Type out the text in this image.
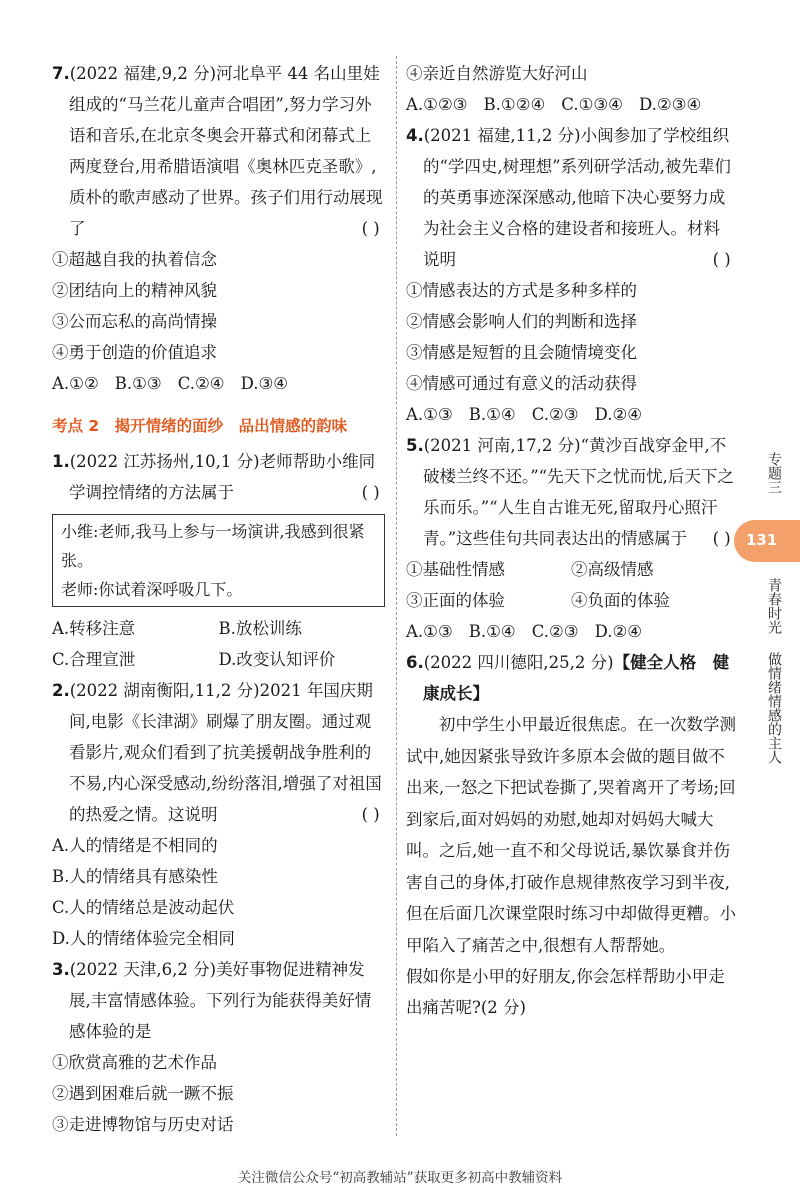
7.(2022 福建,9,2 分)河北阜平 44 名山里娃组成的“马兰花儿童声合唱团”,努力学习外语和音乐,在北京冬奥会开幕式和闭幕式上两度登台,用希腊语演唱《奥林匹克圣歌》,质朴的歌声感动了世界。孩子们用行动展现了	( )

①超越自我的执着信念

②团结向上的精神风貌

③公而忘私的高尚情操

④勇于创造的价值追求

A.①② B.①③ C.②④ D.③④

考点 2　揭开情绪的面纱　品出情感的韵味

1.(2022 江苏扬州,10,1 分)老师帮助小维同学调控情绪的方法属于	( )

小维:老师,我马上参与一场演讲,我感到很紧张。

老师:你试着深呼吸几下。

A.转移注意	B.放松训练

C.合理宣泄	D.改变认知评价

2.(2022 湖南衡阳,11,2 分)2021 年国庆期间,电影《长津湖》刷爆了朋友圈。通过观看影片,观众们看到了抗美援朝战争胜利的不易,内心深受感动,纷纷落泪,增强了对祖国的热爱之情。这说明	( )

A.人的情绪是不相同的

B.人的情绪具有感染性

C.人的情绪总是波动起伏

D.人的情绪体验完全相同

3.(2022 天津,6,2 分)美好事物促进精神发展,丰富情感体验。下列行为能获得美好情感体验的是

①欣赏高雅的艺术作品

②遇到困难后就一蹶不振

③走进博物馆与历史对话

④亲近自然游览大好河山

A.①②③ B.①②④ C.①③④ D.②③④

4.(2021 福建,11,2 分)小闽参加了学校组织的“学四史,树理想”系列研学活动,被先辈们的英勇事迹深深感动,他暗下决心要努力成为社会主义合格的建设者和接班人。材料说明	( )

①情感表达的方式是多种多样的

②情感会影响人们的判断和选择

③情感是短暂的且会随情境变化

④情感可通过有意义的活动获得

A.①③ B.①④ C.②③ D.②④

5.(2021 河南,17,2 分)“黄沙百战穿金甲,不破楼兰终不还。”“先天下之忧而忧,后天下之乐而乐。”“人生自古谁无死,留取丹心照汗青。”这些佳句共同表达出的情感属于 ( )

①基础性情感	②高级情感

③正面的体验	④负面的体验

A.①③ B.①④ C.②③ D.②④

6.(2022 四川德阳,25,2 分)【健全人格　健康成长】

初中学生小甲最近很焦虑。在一次数学测试中,她因紧张导致许多原本会做的题目做不出来,一怒之下把试卷撕了,哭着离开了考场;回到家后,面对妈妈的劝慰,她却对妈妈大喊大叫。之后,她一直不和父母说话,暴饮暴食并伤害自己的身体,打破作息规律熬夜学习到半夜,但在后面几次课堂限时练习中却做得更糟。小甲陷入了痛苦之中,很想有人帮帮她。

假如你是小甲的好朋友,你会怎样帮助小甲走出痛苦呢?(2 分)

专题三
131
青春时光
做情绪情感的主人
关注微信公众号“初高教辅站”获取更多初高中教辅资料
